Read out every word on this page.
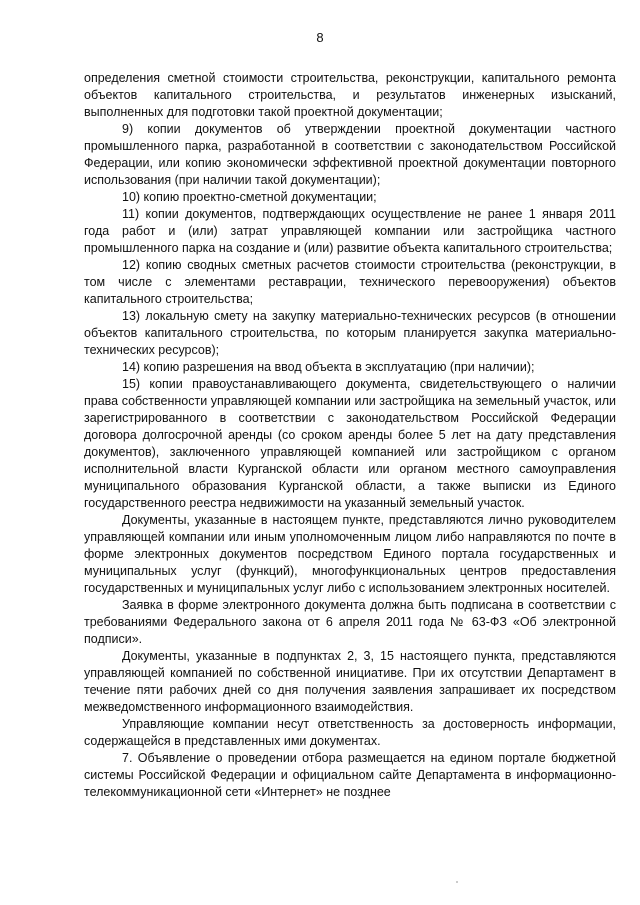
8

определения сметной стоимости строительства, реконструкции, капитального ремонта объектов капитального строительства, и результатов инженерных изысканий, выполненных для подготовки такой проектной документации;

9) копии документов об утверждении проектной документации частного промышленного парка, разработанной в соответствии с законодательством Российской Федерации, или копию экономически эффективной проектной документации повторного использования (при наличии такой документации);

10) копию проектно-сметной документации;

11) копии документов, подтверждающих осуществление не ранее 1 января 2011 года работ и (или) затрат управляющей компании или застройщика частного промышленного парка на создание и (или) развитие объекта капитального строительства;

12) копию сводных сметных расчетов стоимости строительства (реконструкции, в том числе с элементами реставрации, технического перевооружения) объектов капитального строительства;

13) локальную смету на закупку материально-технических ресурсов (в отношении объектов капитального строительства, по которым планируется закупка материально-технических ресурсов);

14) копию разрешения на ввод объекта в эксплуатацию (при наличии);

15) копии правоустанавливающего документа, свидетельствующего о наличии права собственности управляющей компании или застройщика на земельный участок, или зарегистрированного в соответствии с законодательством Российской Федерации договора долгосрочной аренды (со сроком аренды более 5 лет на дату представления документов), заключенного управляющей компанией или застройщиком с органом исполнительной власти Курганской области или органом местного самоуправления муниципального образования Курганской области, а также выписки из Единого государственного реестра недвижимости на указанный земельный участок.

Документы, указанные в настоящем пункте, представляются лично руководителем управляющей компании или иным уполномоченным лицом либо направляются по почте в форме электронных документов посредством Единого портала государственных и муниципальных услуг (функций), многофункциональных центров предоставления государственных и муниципальных услуг либо с использованием электронных носителей.

Заявка в форме электронного документа должна быть подписана в соответствии с требованиями Федерального закона от 6 апреля 2011 года № 63-ФЗ «Об электронной подписи».

Документы, указанные в подпунктах 2, 3, 15 настоящего пункта, представляются управляющей компанией по собственной инициативе. При их отсутствии Департамент в течение пяти рабочих дней со дня получения заявления запрашивает их посредством межведомственного информационного взаимодействия.

Управляющие компании несут ответственность за достоверность информации, содержащейся в представленных ими документах.

7. Объявление о проведении отбора размещается на едином портале бюджетной системы Российской Федерации и официальном сайте Департамента в информационно-телекоммуникационной сети «Интернет» не позднее
